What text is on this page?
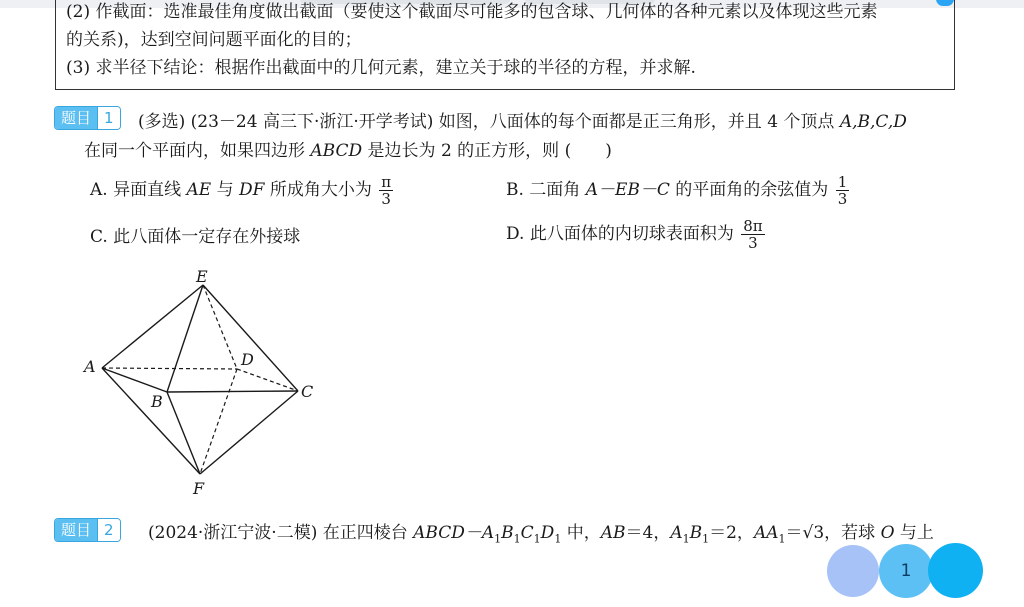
(2) 作截面：选准最佳角度做出截面（要使这个截面尽可能多的包含球、几何体的各种元素以及体现这些元素
的关系)，达到空间问题平面化的目的；
(3) 求半径下结论：根据作出截面中的几何元素，建立关于球的半径的方程，并求解.
题目 1	(多选) (23－24 高三下·浙江·开学考试) 如图，八面体的每个面都是正三角形，并且 4 个顶点 A,B,C,D
在同一个平面内，如果四边形 ABCD 是边长为 2 的正方形，则 (　　)
A. 异面直线 AE 与 DF 所成角大小为 $\frac{\pi}{3}$	B. 二面角 A－EB－C 的平面角的余弦值为 $\frac{1}{3}$
C. 此八面体一定存在外接球	D. 此八面体的内切球表面积为 $\frac{8\pi}{3}$
E
A	D
C
B
F
题目 2	(2024·浙江宁波·二模) 在正四棱台 $ABCD-A_1B_1C_1D_1$ 中，AB＝4，$A_1B_1=2$，$AA_1=√3$，若球 O 与上
1
